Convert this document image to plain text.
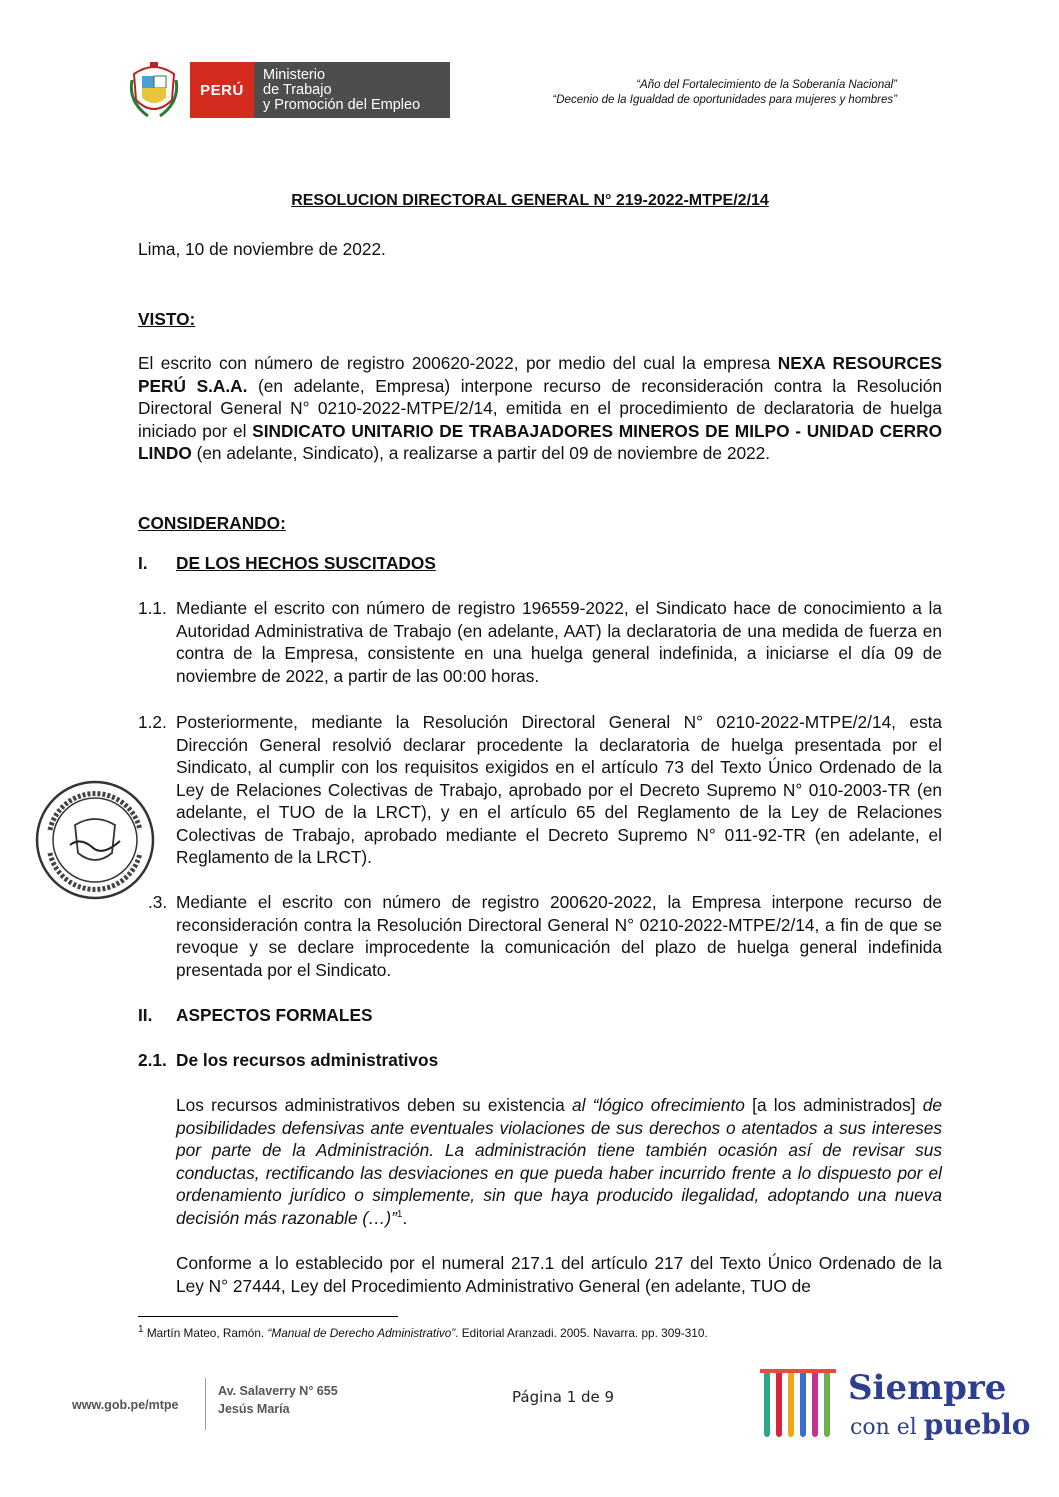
PERÚ
Ministerio
de Trabajo
y Promoción del Empleo
“Año del Fortalecimiento de la Soberanía Nacional”
“Decenio de la Igualdad de oportunidades para mujeres y hombres”
RESOLUCION DIRECTORAL GENERAL N° 219-2022-MTPE/2/14
Lima, 10 de noviembre de 2022.
VISTO:
El escrito con número de registro 200620-2022, por medio del cual la empresa NEXA RESOURCES PERÚ S.A.A. (en adelante, Empresa) interpone recurso de reconsideración contra la Resolución Directoral General N° 0210-2022-MTPE/2/14, emitida en el procedimiento de declaratoria de huelga iniciado por el SINDICATO UNITARIO DE TRABAJADORES MINEROS DE MILPO - UNIDAD CERRO LINDO (en adelante, Sindicato), a realizarse a partir del 09 de noviembre de 2022.
CONSIDERANDO:
I. DE LOS HECHOS SUSCITADOS
1.1. Mediante el escrito con número de registro 196559-2022, el Sindicato hace de conocimiento a la Autoridad Administrativa de Trabajo (en adelante, AAT) la declaratoria de una medida de fuerza en contra de la Empresa, consistente en una huelga general indefinida, a iniciarse el día 09 de noviembre de 2022, a partir de las 00:00 horas.
1.2. Posteriormente, mediante la Resolución Directoral General N° 0210-2022-MTPE/2/14, esta Dirección General resolvió declarar procedente la declaratoria de huelga presentada por el Sindicato, al cumplir con los requisitos exigidos en el artículo 73 del Texto Único Ordenado de la Ley de Relaciones Colectivas de Trabajo, aprobado por el Decreto Supremo N° 010-2003-TR (en adelante, el TUO de la LRCT), y en el artículo 65 del Reglamento de la Ley de Relaciones Colectivas de Trabajo, aprobado mediante el Decreto Supremo N° 011-92-TR (en adelante, el Reglamento de la LRCT).
.3. Mediante el escrito con número de registro 200620-2022, la Empresa interpone recurso de reconsideración contra la Resolución Directoral General N° 0210-2022-MTPE/2/14, a fin de que se revoque y se declare improcedente la comunicación del plazo de huelga general indefinida presentada por el Sindicato.
II. ASPECTOS FORMALES
2.1. De los recursos administrativos
Los recursos administrativos deben su existencia al “lógico ofrecimiento [a los administrados] de posibilidades defensivas ante eventuales violaciones de sus derechos o atentados a sus intereses por parte de la Administración. La administración tiene también ocasión así de revisar sus conductas, rectificando las desviaciones en que pueda haber incurrido frente a lo dispuesto por el ordenamiento jurídico o simplemente, sin que haya producido ilegalidad, adoptando una nueva decisión más razonable (…)”$^1$.
Conforme a lo establecido por el numeral 217.1 del artículo 217 del Texto Único Ordenado de la Ley N° 27444, Ley del Procedimiento Administrativo General (en adelante, TUO de
$^1$ Martín Mateo, Ramón. “Manual de Derecho Administrativo”. Editorial Aranzadi. 2005. Navarra. pp. 309-310.
www.gob.pe/mtpe
Av. Salaverry N° 655
Jesús María
Página 1 de 9	Siempre
con el pueblo
